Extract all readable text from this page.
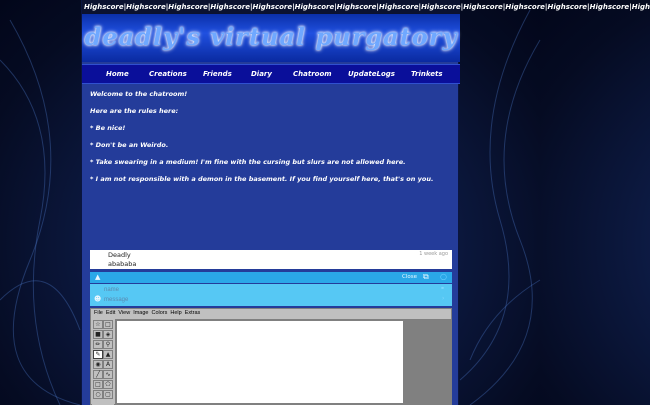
Highscore|Highscore|Highscore|Highscore|Highscore|Highscore|Highscore|Highscore|Highscore|Highscore|Highscore|Highscore|Highscore|High
deadly's virtual purgatory
Home	Creations Friends	Diary	Chatroom UpdateLogs Trinkets

Welcome to the chatroom!

Here are the rules here:

* Be nice!

* Don't be an Weirdo.

* Take swearing in a medium! I'm fine with the cursing but slurs are not allowed here.

* I am not responsible with a demon in the basement. If you find yourself here, that's on you.

Deadly
abababa
1 week ago
▲	Close ⧉ ○
name
message
☻
⚭
›
File Edit View Image Colors Help Extras
☆ □
■ ◈
✏ ⚲
✎ ▲
◉ A
╱ ∿
□ ⬠
○ ▢
